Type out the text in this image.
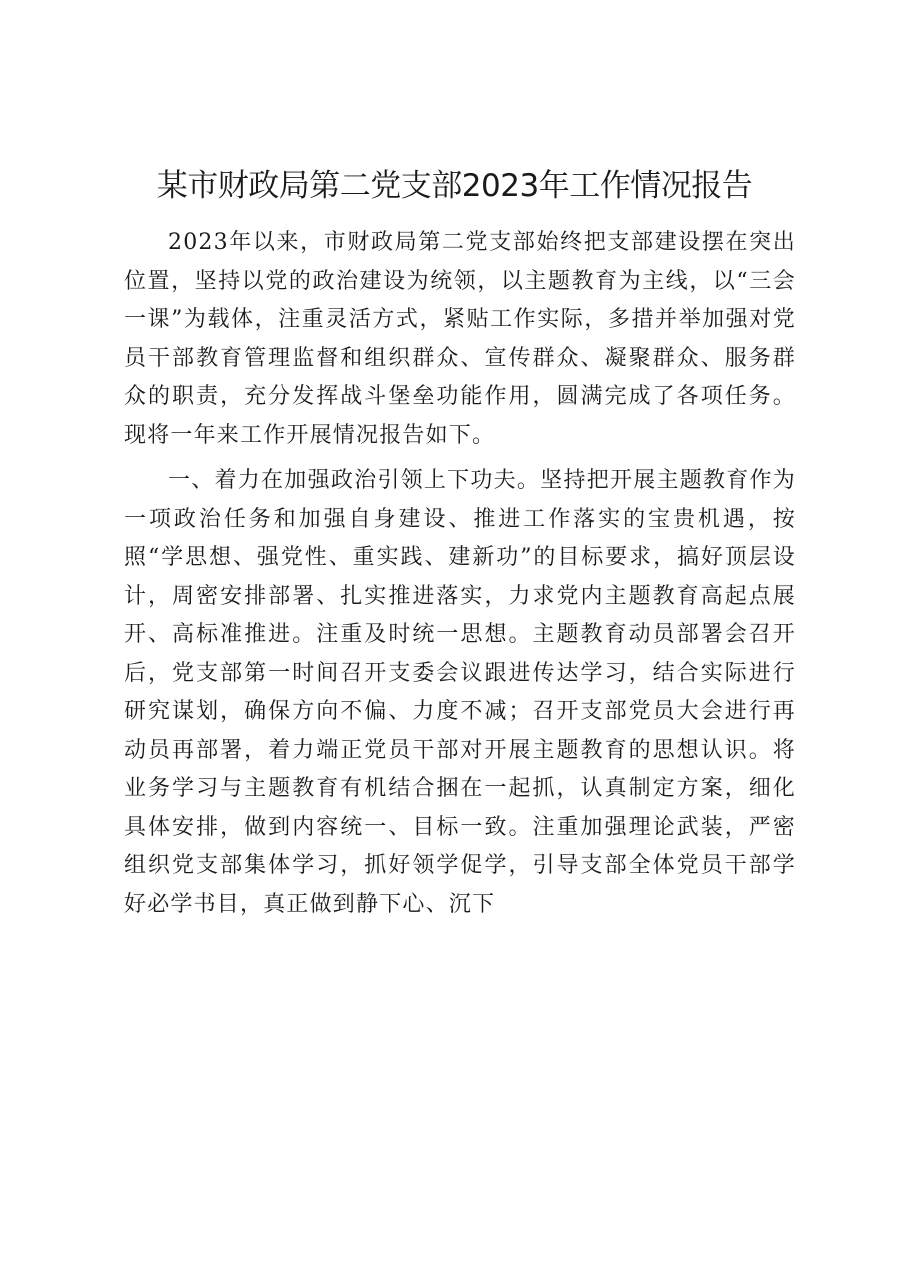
某市财政局第二党支部2023年工作情况报告

2023年以来，市财政局第二党支部始终把支部建设摆在突出位置，坚持以党的政治建设为统领，以主题教育为主线，以“三会一课”为载体，注重灵活方式，紧贴工作实际，多措并举加强对党员干部教育管理监督和组织群众、宣传群众、凝聚群众、服务群众的职责，充分发挥战斗堡垒功能作用，圆满完成了各项任务。现将一年来工作开展情况报告如下。

一、着力在加强政治引领上下功夫。坚持把开展主题教育作为一项政治任务和加强自身建设、推进工作落实的宝贵机遇，按照“学思想、强党性、重实践、建新功”的目标要求，搞好顶层设计，周密安排部署、扎实推进落实，力求党内主题教育高起点展开、高标准推进。注重及时统一思想。主题教育动员部署会召开后，党支部第一时间召开支委会议跟进传达学习，结合实际进行研究谋划，确保方向不偏、力度不减；召开支部党员大会进行再动员再部署，着力端正党员干部对开展主题教育的思想认识。将业务学习与主题教育有机结合捆在一起抓，认真制定方案，细化具体安排，做到内容统一、目标一致。注重加强理论武装，严密组织党支部集体学习，抓好领学促学，引导支部全体党员干部学好必学书目，真正做到静下心、沉下
